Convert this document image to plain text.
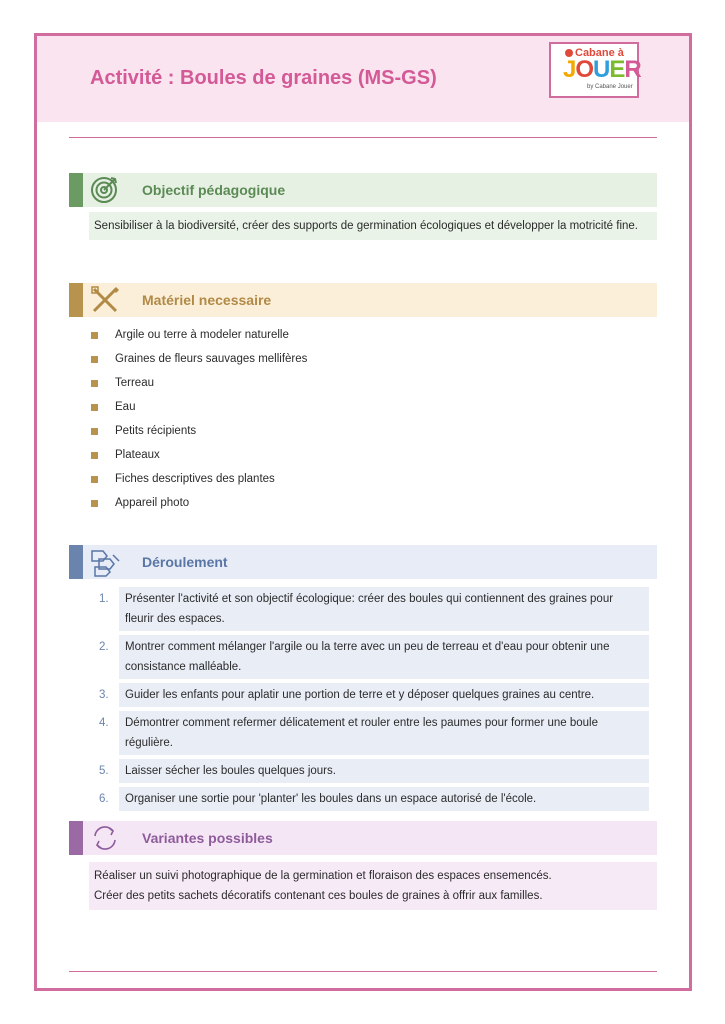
Activité : Boules de graines (MS-GS)
Cabane à
JOUER
by Cabane Jouer
Objectif pédagogique
Sensibiliser à la biodiversité, créer des supports de germination écologiques et développer la motricité fine.
Matériel necessaire
Argile ou terre à modeler naturelle
Graines de fleurs sauvages mellifères
Terreau
Eau
Petits récipients
Plateaux
Fiches descriptives des plantes
Appareil photo
Déroulement
1.	Présenter l'activité et son objectif écologique: créer des boules qui contiennent des graines pour fleurir des espaces.
2.	Montrer comment mélanger l'argile ou la terre avec un peu de terreau et d'eau pour obtenir une consistance malléable.
3.	Guider les enfants pour aplatir une portion de terre et y déposer quelques graines au centre.
4.	Démontrer comment refermer délicatement et rouler entre les paumes pour former une boule régulière.
5.	Laisser sécher les boules quelques jours.
6.	Organiser une sortie pour 'planter' les boules dans un espace autorisé de l'école.
Variantes possibles
Réaliser un suivi photographique de la germination et floraison des espaces ensemencés.
Créer des petits sachets décoratifs contenant ces boules de graines à offrir aux familles.
